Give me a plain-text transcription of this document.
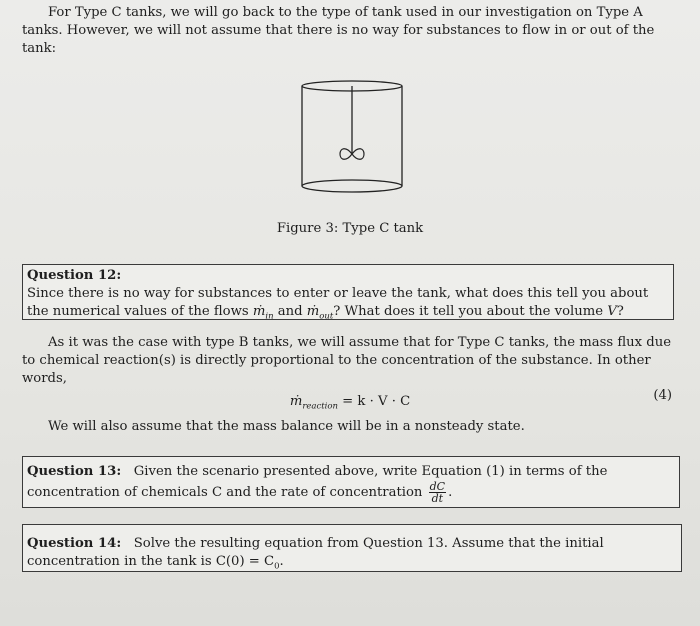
For Type C tanks, we will go back to the type of tank used in our investigation on Type A tanks. However, we will not assume that there is no way for substances to flow in or out of the tank:

Figure 3: Type C tank
Question 12:
Since there is no way for substances to enter or leave the tank, what does this tell you about the numerical values of the flows ṁ$_{in}$ and ṁ$_{out}$? What does it tell you about the volume V?

As it was the case with type B tanks, we will assume that for Type C tanks, the mass flux due to chemical reaction(s) is directly proportional to the concentration of the substance. In other words,

ṁ$_{reaction}$ = k · V · C	(4)

We will also assume that the mass balance will be in a nonsteady state.

Question 13: Given the scenario presented above, write Equation (1) in terms of the concentration of chemicals C and the rate of concentration $\frac{dC}{dt}$ .
Question 14: Solve the resulting equation from Question 13. Assume that the initial concentration in the tank is $C(0) = C_0$.
